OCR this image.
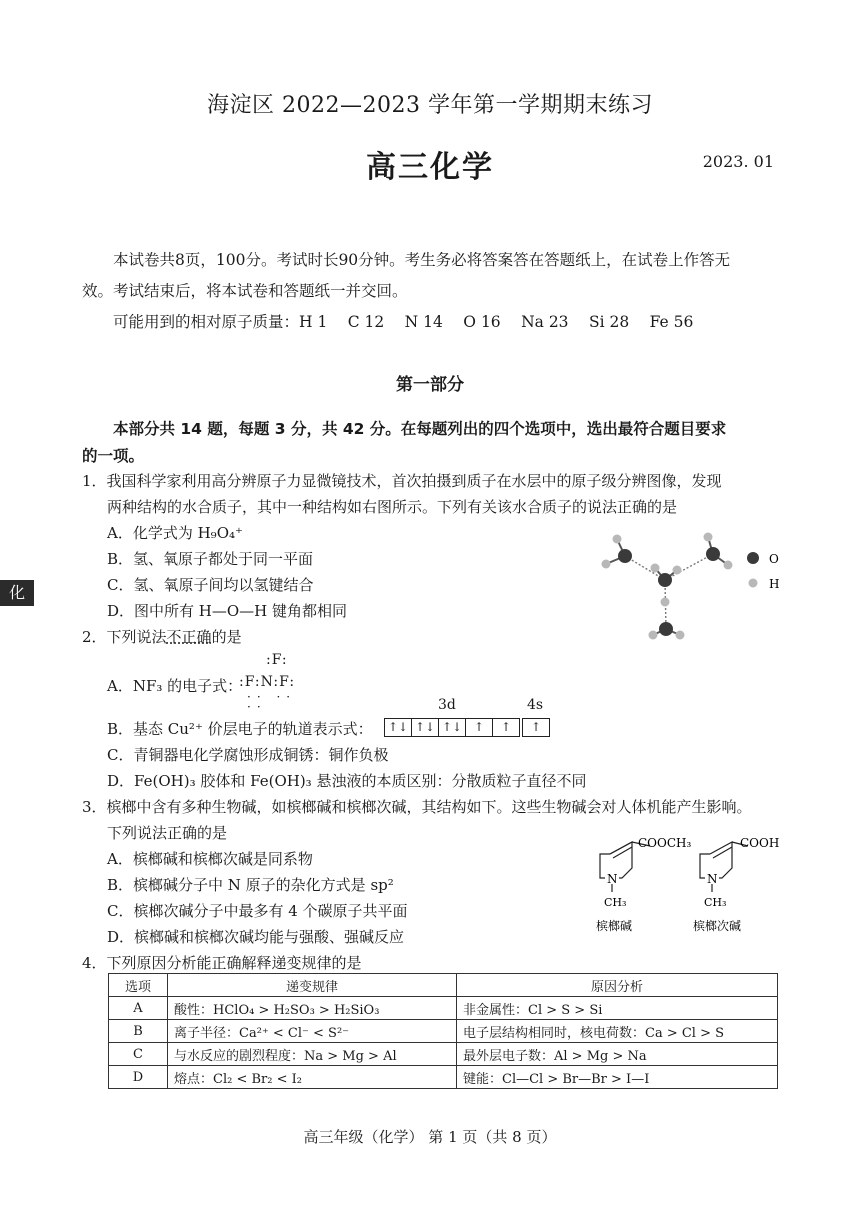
海淀区 2022—2023 学年第一学期期末练习
高三化学	2023. 01
本试卷共8页，100分。考试时长90分钟。考生务必将答案答在答题纸上，在试卷上作答无
效。考试结束后，将本试卷和答题纸一并交回。
可能用到的相对原子质量：H 1　 C 12　 N 14　 O 16　 Na 23　 Si 28　 Fe 56
化
第一部分
本部分共 14 题，每题 3 分，共 42 分。在每题列出的四个选项中，选出最符合题目要求
的一项。
1．我国科学家利用高分辨原子力显微镜技术，首次拍摄到质子在水层中的原子级分辨图像，发现
两种结构的水合质子，其中一种结构如右图所示。下列有关该水合质子的说法正确的是
A．化学式为 H₉O₄⁺
B．氢、氧原子都处于同一平面
C．氢、氧原子间均以氢键结合
D．图中所有 H—O—H 键角都相同
O
H
2．下列说法不正确的是
A．NF₃ 的电子式：
:F:
:F:N:F:
·· ·· ··	3d	4s
B．基态 Cu²⁺ 价层电子的轨道表示式：	↑↓ ↑↓ ↑↓ ↑ ↑	↑
C．青铜器电化学腐蚀形成铜锈：铜作负极
D．Fe(OH)₃ 胶体和 Fe(OH)₃ 悬浊液的本质区别：分散质粒子直径不同
3．槟榔中含有多种生物碱，如槟榔碱和槟榔次碱，其结构如下。这些生物碱会对人体机能产生影响。
下列说法正确的是
A．槟榔碱和槟榔次碱是同系物
B．槟榔碱分子中 N 原子的杂化方式是 sp²
C．槟榔次碱分子中最多有 4 个碳原子共平面
D．槟榔碱和槟榔次碱均能与强酸、强碱反应
N	N
COOCH₃	COOH
CH₃	CH₃
槟榔碱	槟榔次碱
4．下列原因分析能正确解释递变规律的是
选项	递变规律	原因分析
A	酸性：HClO₄ > H₂SO₃ > H₂SiO₃	非金属性：Cl > S > Si
B	离子半径：Ca²⁺ < Cl⁻ < S²⁻	电子层结构相同时，核电荷数：Ca > Cl > S
C	与水反应的剧烈程度：Na > Mg > Al	最外层电子数：Al > Mg > Na
D	熔点：Cl₂ < Br₂ < I₂	键能：Cl—Cl > Br—Br > I—I
高三年级（化学） 第 1 页（共 8 页）
